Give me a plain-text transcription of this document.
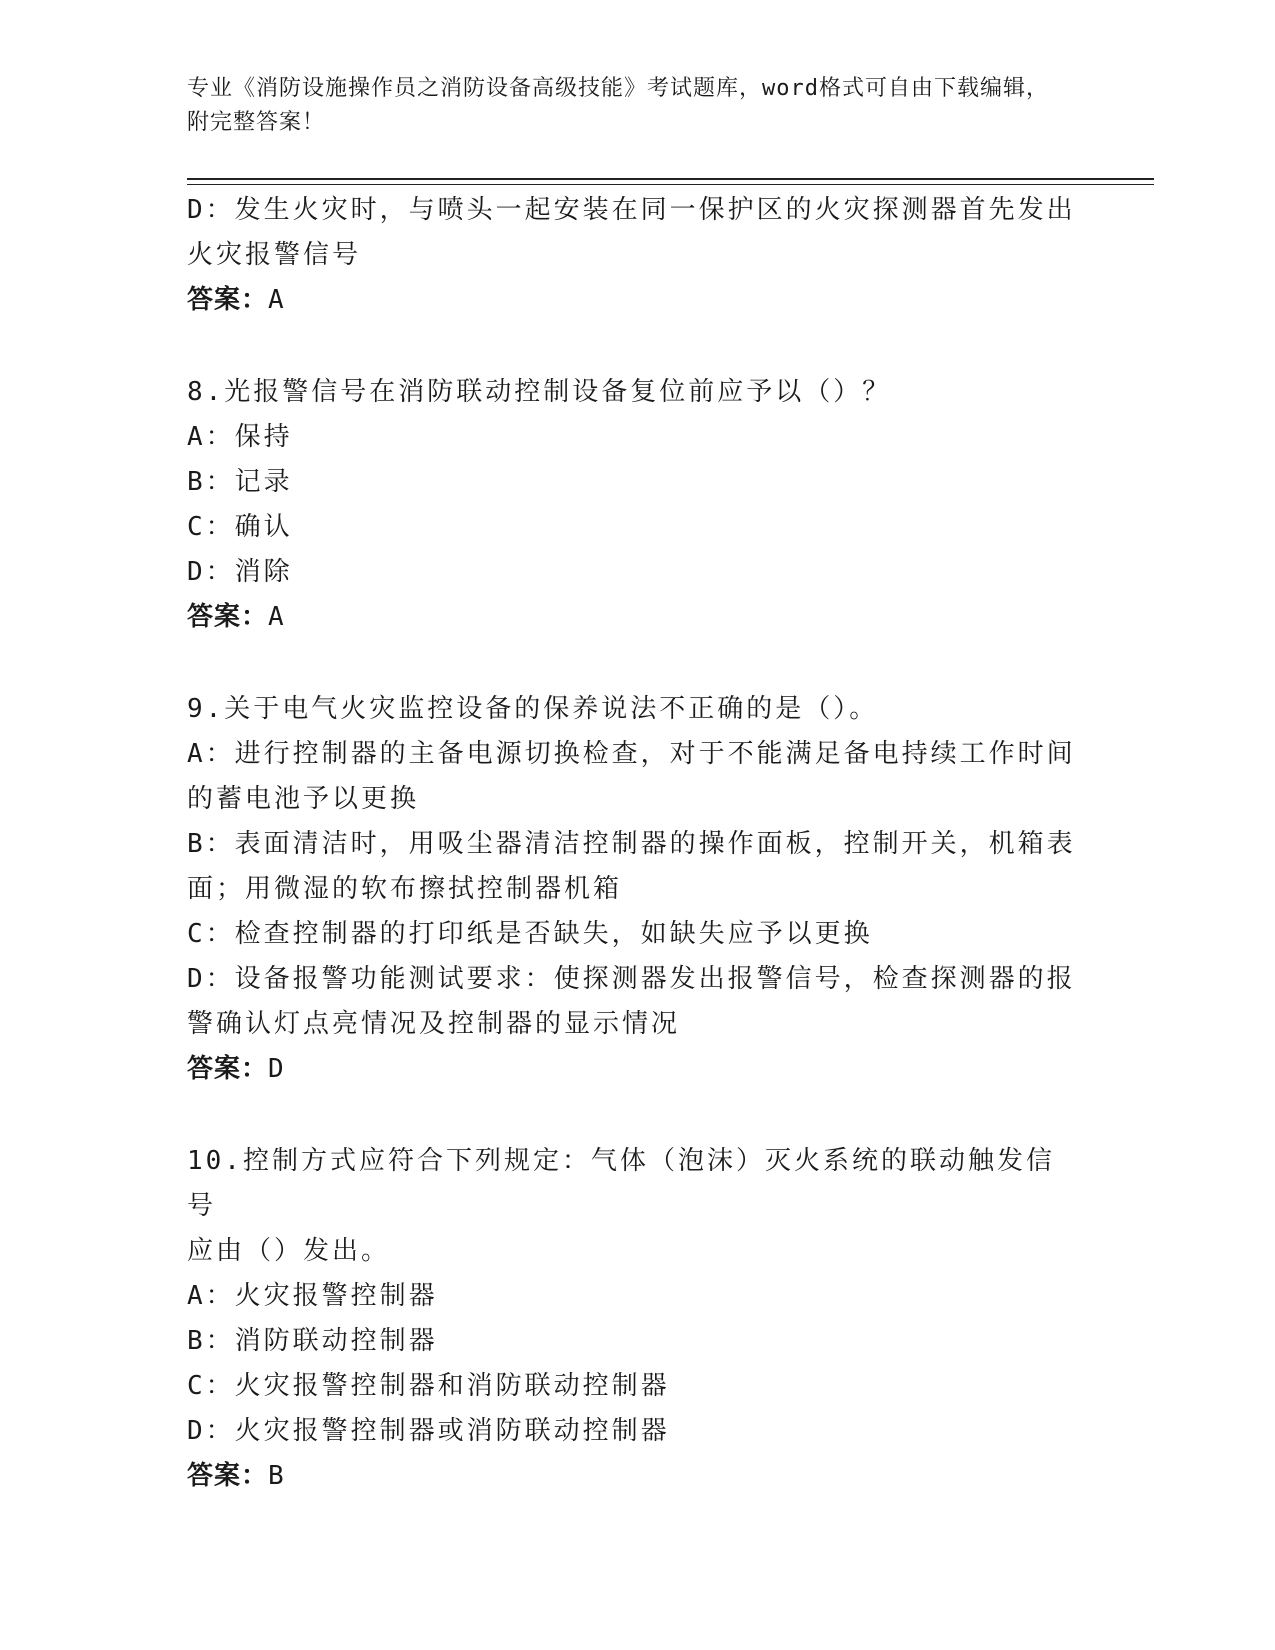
专业《消防设施操作员之消防设备高级技能》考试题库，word格式可自由下载编辑，附完整答案！
D：发生火灾时，与喷头一起安装在同一保护区的火灾探测器首先发出
火灾报警信号
答案：A
8.光报警信号在消防联动控制设备复位前应予以（）？
A：保持
B：记录
C：确认
D：消除
答案：A
9.关于电气火灾监控设备的保养说法不正确的是（）。
A：进行控制器的主备电源切换检查，对于不能满足备电持续工作时间
的蓄电池予以更换
B：表面清洁时，用吸尘器清洁控制器的操作面板，控制开关，机箱表
面；用微湿的软布擦拭控制器机箱
C：检查控制器的打印纸是否缺失，如缺失应予以更换
D：设备报警功能测试要求：使探测器发出报警信号，检查探测器的报
警确认灯点亮情况及控制器的显示情况
答案：D
10.控制方式应符合下列规定：气体（泡沫）灭火系统的联动触发信号
应由（）发出。
A：火灾报警控制器
B：消防联动控制器
C：火灾报警控制器和消防联动控制器
D：火灾报警控制器或消防联动控制器
答案：B
